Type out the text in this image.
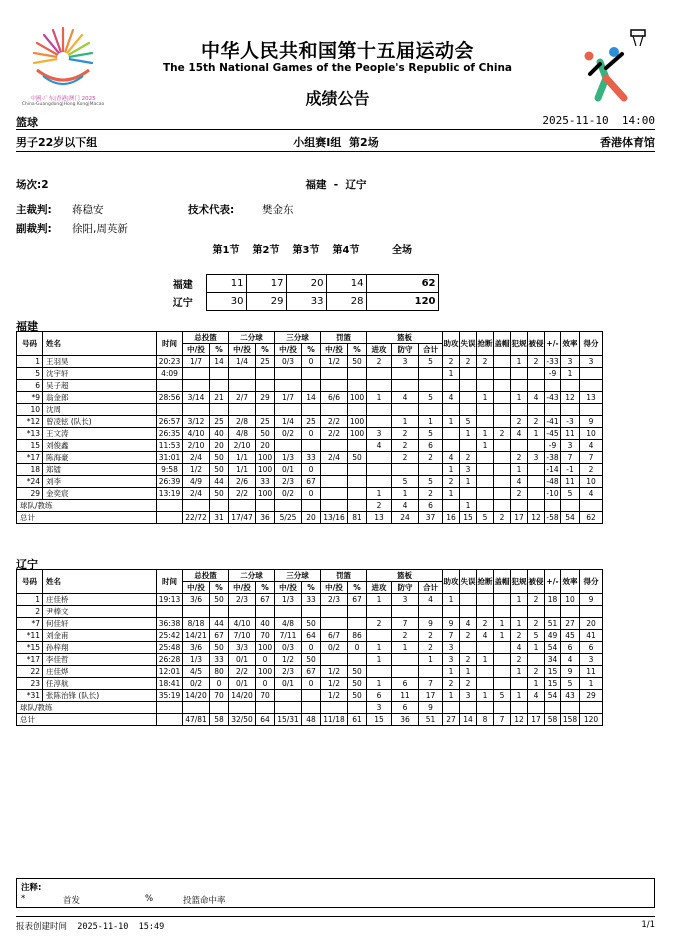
中國·广东|香港|澳门 2025
China·Guangdong|Hong Kong|Macao
中华人民共和国第十五届运动会
The 15th National Games of the People's Republic of China
成绩公告
篮球	2025-11-10  14:00
男子22岁以下组	小组赛I组  第2场	香港体育馆
场次:2	福建  -  辽宁
主裁判: 蒋稳安	技术代表:	樊金东
副裁判: 徐阳,周英新
	第1节	第2节	第3节	第4节	全场

福建	11	17	20	14	62
辽宁	30	29	33	28	120
福建
号码	姓名	时间	总投篮		二分球		三分球		罚篮		篮板			助攻	失误	抢断	盖帽	犯规	被侵	+/-	效率	得分
			中/投	%	中/投	%	中/投	%	中/投	%	进攻	防守	合计									
1	王羽昊	20:23	1/7	14	1/4	25	0/3	0	1/2	50	2	3	5	2	2	2		1	2	-33	3	3
5	沈宇轩	4:09												1						-9	1	
6	吴子超																					
*9	翁金郎	28:56	3/14	21	2/7	29	1/7	14	6/6	100	1	4	5	4		1		1	4	-43	12	13
10	沈周																					
*12	曾凌铉 (队长)	26:57	3/12	25	2/8	25	1/4	25	2/2	100		1	1	1	5			2	2	-41	-3	9
*13	王文涛	26:35	4/10	40	4/8	50	0/2	0	2/2	100	3	2	5		1	1	2	4	1	-45	11	10
15	刘俊鑫	11:53	2/10	20	2/10	20					4	2	6			1				-9	3	4
*17	陈海豪	31:01	2/4	50	1/1	100	1/3	33	2/4	50		2	2	4	2			2	3	-38	7	7
18	郑镭	9:58	1/2	50	1/1	100	0/1	0						1	3			1		-14	-1	2
*24	刘李	26:39	4/9	44	2/6	33	2/3	67				5	5	2	1			4		-48	11	10
29	金奕宸	13:19	2/4	50	2/2	100	0/2	0			1	1	2	1				2		-10	5	4
球队/教练											2	4	6		1							
总计			22/72	31	17/47	36	5/25	20	13/16	81	13	24	37	16	15	5	2	17	12	-58	54	62
辽宁
号码	姓名	时间	总投篮		二分球		三分球		罚篮		篮板			助攻	失误	抢断	盖帽	犯规	被侵	+/-	效率	得分
			中/投	%	中/投	%	中/投	%	中/投	%	进攻	防守	合计									
1	庄佳桥	19:13	3/6	50	2/3	67	1/3	33	2/3	67	1	3	4	1				1	2	18	10	9
2	尹棒文																					
*7	何佳轩	36:38	8/18	44	4/10	40	4/8	50			2	7	9	9	4	2	1	1	2	51	27	20
*11	刘金甫	25:42	14/21	67	7/10	70	7/11	64	6/7	86		2	2	7	2	4	1	2	5	49	45	41
*15	孙梓翔	25:48	3/6	50	3/3	100	0/3	0	0/2	0	1	1	2	3				4	1	54	6	6
*17	李佳哲	26:28	1/3	33	0/1	0	1/2	50			1		1	3	2	1		2		34	4	3
22	庄佳烨	12:01	4/5	80	2/2	100	2/3	67	1/2	50				1	1			1	2	15	9	11
23	任淳航	18:41	0/2	0	0/1	0	0/1	0	1/2	50	1	6	7	2	2				1	15	5	1
*31	张陈治锋 (队长)	35:19	14/20	70	14/20	70			1/2	50	6	11	17	1	3	1	5	1	4	54	43	29
球队/教练											3	6	9									
总计			47/81	58	32/50	64	15/31	48	11/18	61	15	36	51	27	14	8	7	12	17	58	158	120
注释:
*	首发	%	投篮命中率
报表创建时间  2025-11-10  15:49	1/1
